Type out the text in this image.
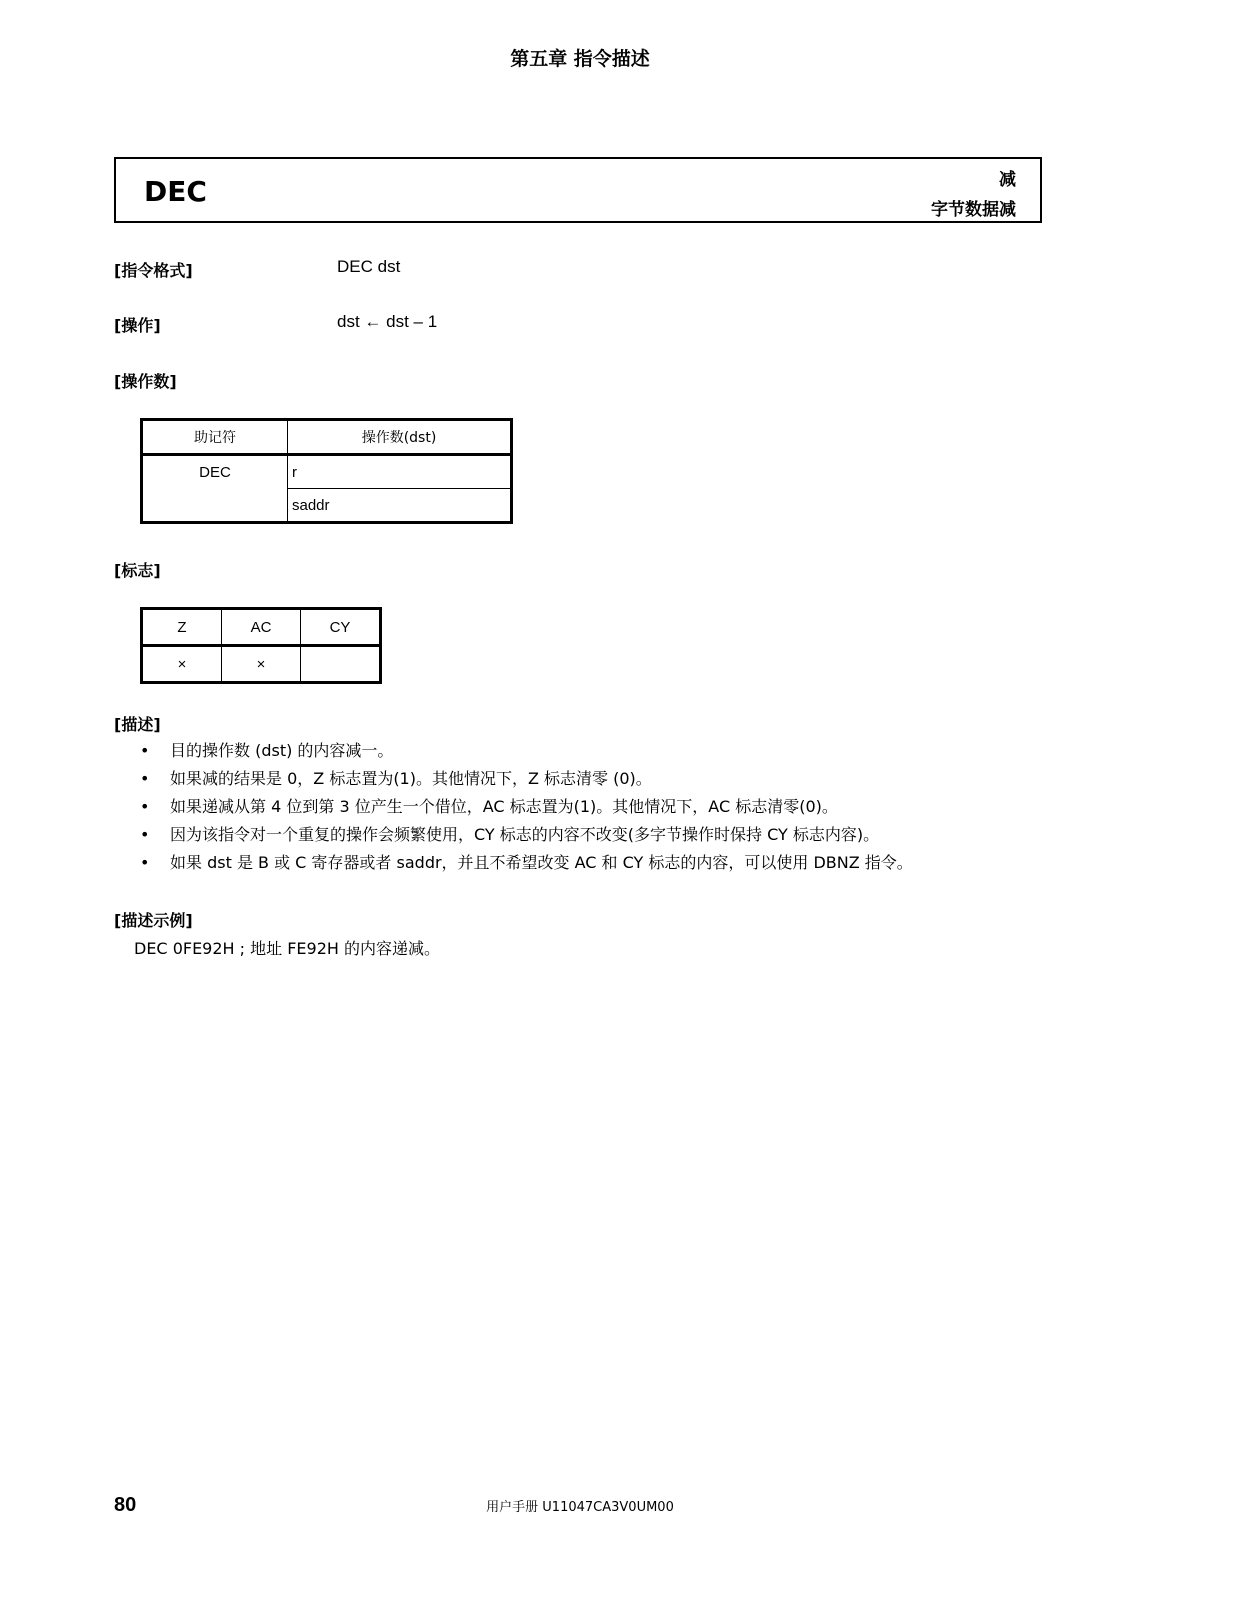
第五章 指令描述
DEC	减
字节数据减
[指令格式]	DEC dst
[操作]	dst ← dst – 1
[操作数]
助记符	操作数(dst)
DEC	r
	saddr
[标志]
Z	AC	CY
×	×	
[描述]
• 目的操作数 (dst) 的内容减一。
• 如果减的结果是 0，Z 标志置为(1)。其他情况下，Z 标志清零 (0)。
• 如果递减从第 4 位到第 3 位产生一个借位，AC 标志置为(1)。其他情况下，AC 标志清零(0)。
• 因为该指令对一个重复的操作会频繁使用，CY 标志的内容不改变(多字节操作时保持 CY 标志内容)。
• 如果 dst 是 B 或 C 寄存器或者 saddr，并且不希望改变 AC 和 CY 标志的内容，可以使用 DBNZ 指令。
[描述示例]
DEC 0FE92H ; 地址 FE92H 的内容递减。
80	用户手册 U11047CA3V0UM00
